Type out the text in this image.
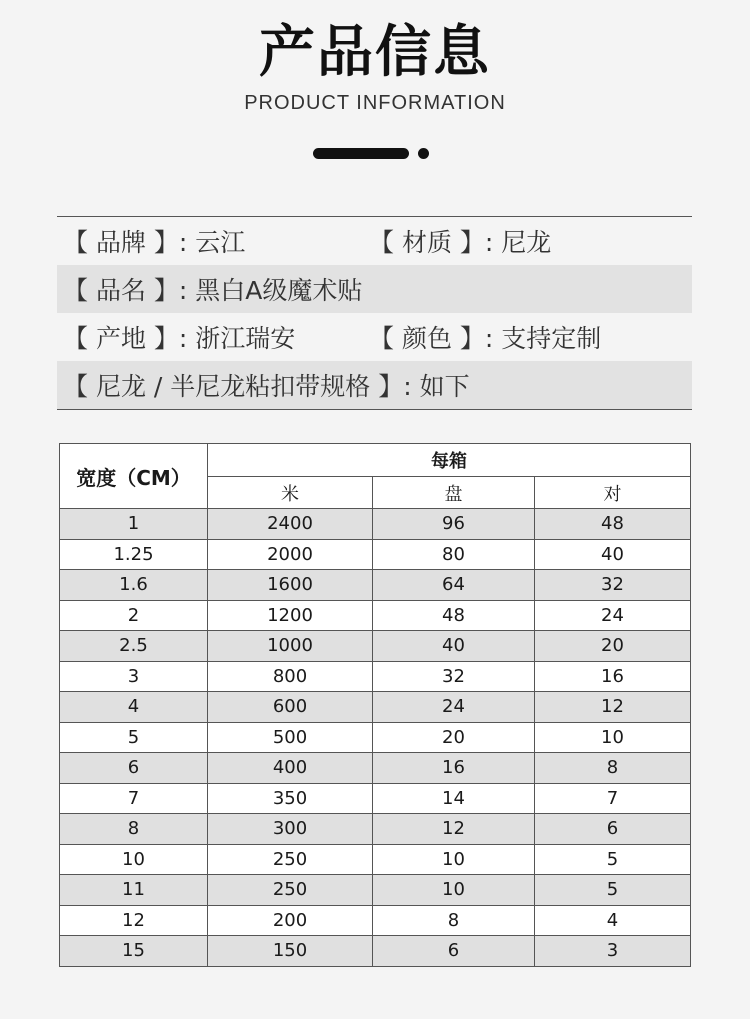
产品信息
PRODUCT INFORMATION
【 品牌 】: 云江	【 材质 】: 尼龙
【 品名 】: 黑白A级魔术贴
【 产地 】: 浙江瑞安	【 颜色 】: 支持定制
【 尼龙 / 半尼龙粘扣带规格 】: 如下
宽度（CM）	每箱		
	米	盘	对
1	2400	96	48
1.25	2000	80	40
1.6	1600	64	32
2	1200	48	24
2.5	1000	40	20
3	800	32	16
4	600	24	12
5	500	20	10
6	400	16	8
7	350	14	7
8	300	12	6
10	250	10	5
11	250	10	5
12	200	8	4
15	150	6	3
